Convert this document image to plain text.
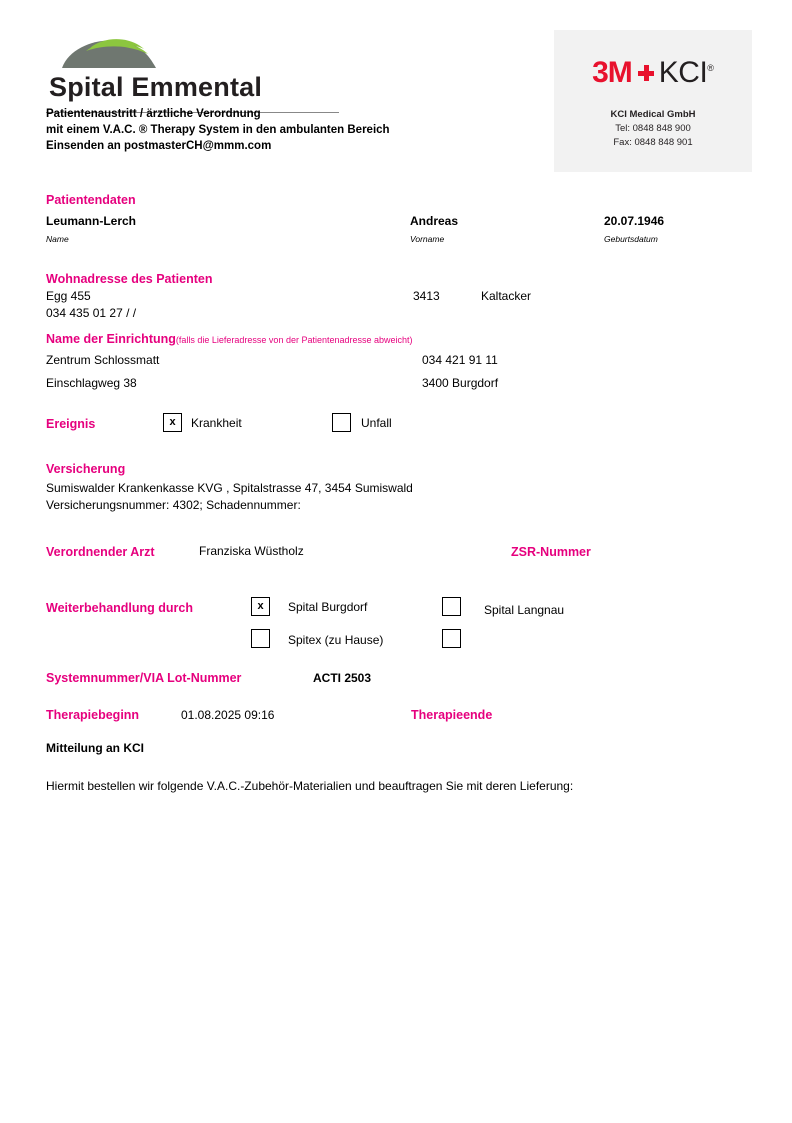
Spital Emmental	3M KCI®
KCI Medical GmbH
Tel: 0848 848 900
Fax: 0848 848 901
Patientenaustritt / ärztliche Verordnung
mit einem V.A.C. ® Therapy System in den ambulanten Bereich
Einsenden an postmasterCH@mmm.com
Patientendaten
Leumann-Lerch
Name
Andreas
Vorname
20.07.1946
Geburtsdatum
Wohnadresse des Patienten
Egg 455	3413	Kaltacker
034 435 01 27 / /
Name der Einrichtung(falls die Lieferadresse von der Patientenadresse abweicht)
Zentrum Schlossmatt	034 421 91 11
Einschlagweg 38	3400 Burgdorf
Ereignis	x	Krankheit	Unfall
Versicherung
Sumiswalder Krankenkasse KVG , Spitalstrasse 47, 3454 Sumiswald
Versicherungsnummer: 4302; Schadennummer:
Verordnender Arzt	Franziska Wüstholz	ZSR-Nummer
Weiterbehandlung durch	x	Spital Burgdorf	Spital Langnau
Spitex (zu Hause)
Systemnummer/VIA Lot-Nummer	ACTI 2503
Therapiebeginn	01.08.2025 09:16	Therapieende
Mitteilung an KCI
Hiermit bestellen wir folgende V.A.C.-Zubehör-Materialien und beauftragen Sie mit deren Lieferung:
